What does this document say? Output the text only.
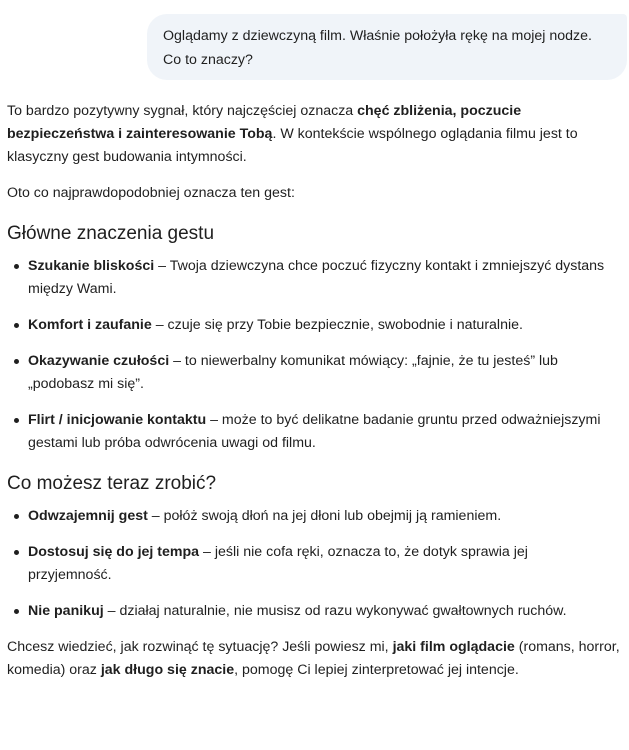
Oglądamy z dziewczyną film. Właśnie położyła rękę na mojej nodze. Co to znaczy?

To bardzo pozytywny sygnał, który najczęściej oznacza chęć zbliżenia, poczucie bezpieczeństwa i zainteresowanie Tobą. W kontekście wspólnego oglądania filmu jest to klasyczny gest budowania intymności.

Oto co najprawdopodobniej oznacza ten gest:

Główne znaczenia gestu
Szukanie bliskości – Twoja dziewczyna chce poczuć fizyczny kontakt i zmniejszyć dystans między Wami.
Komfort i zaufanie – czuje się przy Tobie bezpiecznie, swobodnie i naturalnie.
Okazywanie czułości – to niewerbalny komunikat mówiący: „fajnie, że tu jesteś” lub „podobasz mi się”.
Flirt / inicjowanie kontaktu – może to być delikatne badanie gruntu przed odważniejszymi gestami lub próba odwrócenia uwagi od filmu.
Co możesz teraz zrobić?
Odwzajemnij gest – połóż swoją dłoń na jej dłoni lub obejmij ją ramieniem.
Dostosuj się do jej tempa – jeśli nie cofa ręki, oznacza to, że dotyk sprawia jej przyjemność.
Nie panikuj – działaj naturalnie, nie musisz od razu wykonywać gwałtownych ruchów.

Chcesz wiedzieć, jak rozwinąć tę sytuację? Jeśli powiesz mi, jaki film oglądacie (romans, horror, komedia) oraz jak długo się znacie, pomogę Ci lepiej zinterpretować jej intencje.
